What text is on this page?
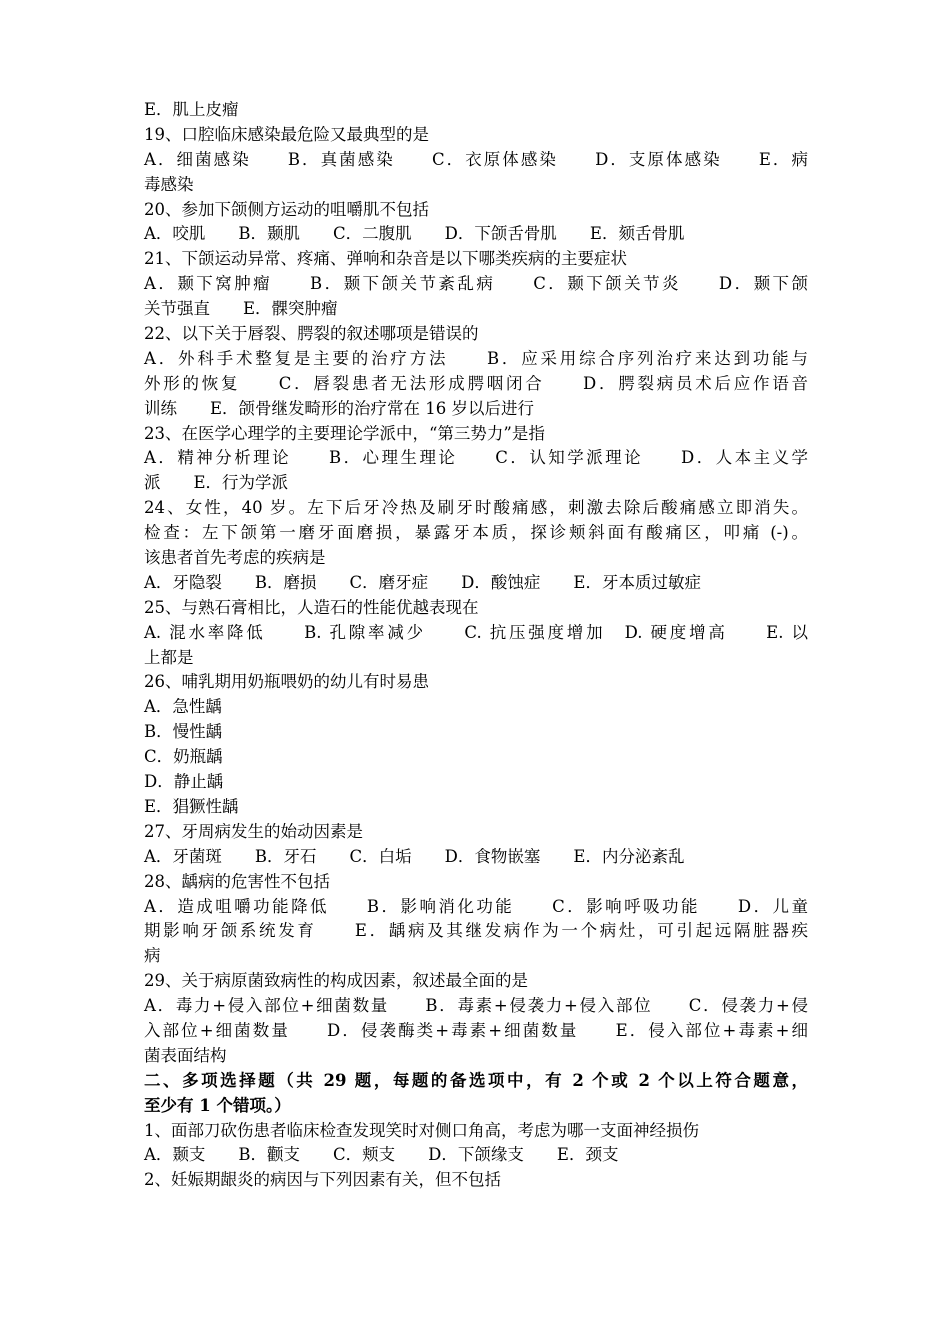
E．肌上皮瘤
19、口腔临床感染最危险又最典型的是
A．细菌感染　　B．真菌感染　　C．衣原体感染　　D．支原体感染　　E．病
毒感染
20、参加下颌侧方运动的咀嚼肌不包括
A．咬肌　　B．颞肌　　C．二腹肌　　D．下颌舌骨肌　　E．颏舌骨肌
21、下颌运动异常、疼痛、弹响和杂音是以下哪类疾病的主要症状
A．颞下窝肿瘤　　B．颞下颌关节紊乱病　　C．颞下颌关节炎　　D．颞下颌
关节强直　　E．髁突肿瘤
22、以下关于唇裂、腭裂的叙述哪项是错误的
A．外科手术整复是主要的治疗方法　　B．应采用综合序列治疗来达到功能与
外形的恢复　　C．唇裂患者无法形成腭咽闭合　　D．腭裂病员术后应作语音
训练　　E．颌骨继发畸形的治疗常在 16 岁以后进行
23、在医学心理学的主要理论学派中，“第三势力”是指
A．精神分析理论　　B．心理生理论　　C．认知学派理论　　D．人本主义学
派　　E．行为学派
24、女性，40 岁。左下后牙冷热及刷牙时酸痛感，刺激去除后酸痛感立即消失。
检查：左下颌第一磨牙面磨损，暴露牙本质，探诊颊斜面有酸痛区，叩痛 (-)。
该患者首先考虑的疾病是
A．牙隐裂　　B．磨损　　C．磨牙症　　D．酸蚀症　　E．牙本质过敏症
25、与熟石膏相比，人造石的性能优越表现在
A. 混水率降低　　B. 孔隙率减少　　C. 抗压强度增加　D. 硬度增高　　E. 以
上都是
26、哺乳期用奶瓶喂奶的幼儿有时易患
A．急性龋
B．慢性龋
C．奶瓶龋
D．静止龋
E．猖獗性龋
27、牙周病发生的始动因素是
A．牙菌斑　　B．牙石　　C．白垢　　D．食物嵌塞　　E．内分泌紊乱
28、龋病的危害性不包括
A．造成咀嚼功能降低　　B．影响消化功能　　C．影响呼吸功能　　D．儿童
期影响牙颌系统发育　　E．龋病及其继发病作为一个病灶，可引起远隔脏器疾
病
29、关于病原菌致病性的构成因素，叙述最全面的是
A．毒力+侵入部位+细菌数量　　B．毒素+侵袭力+侵入部位　　C．侵袭力+侵
入部位+细菌数量　　D．侵袭酶类+毒素+细菌数量　　E．侵入部位+毒素+细
菌表面结构
二、多项选择题（共 29 题，每题的备选项中，有 2 个或 2 个以上符合题意，
至少有 1 个错项。）
1、面部刀砍伤患者临床检查发现笑时对侧口角高，考虑为哪一支面神经损伤
A．颞支　　B．颧支　　C．颊支　　D．下颌缘支　　E．颈支
2、妊娠期龈炎的病因与下列因素有关，但不包括
